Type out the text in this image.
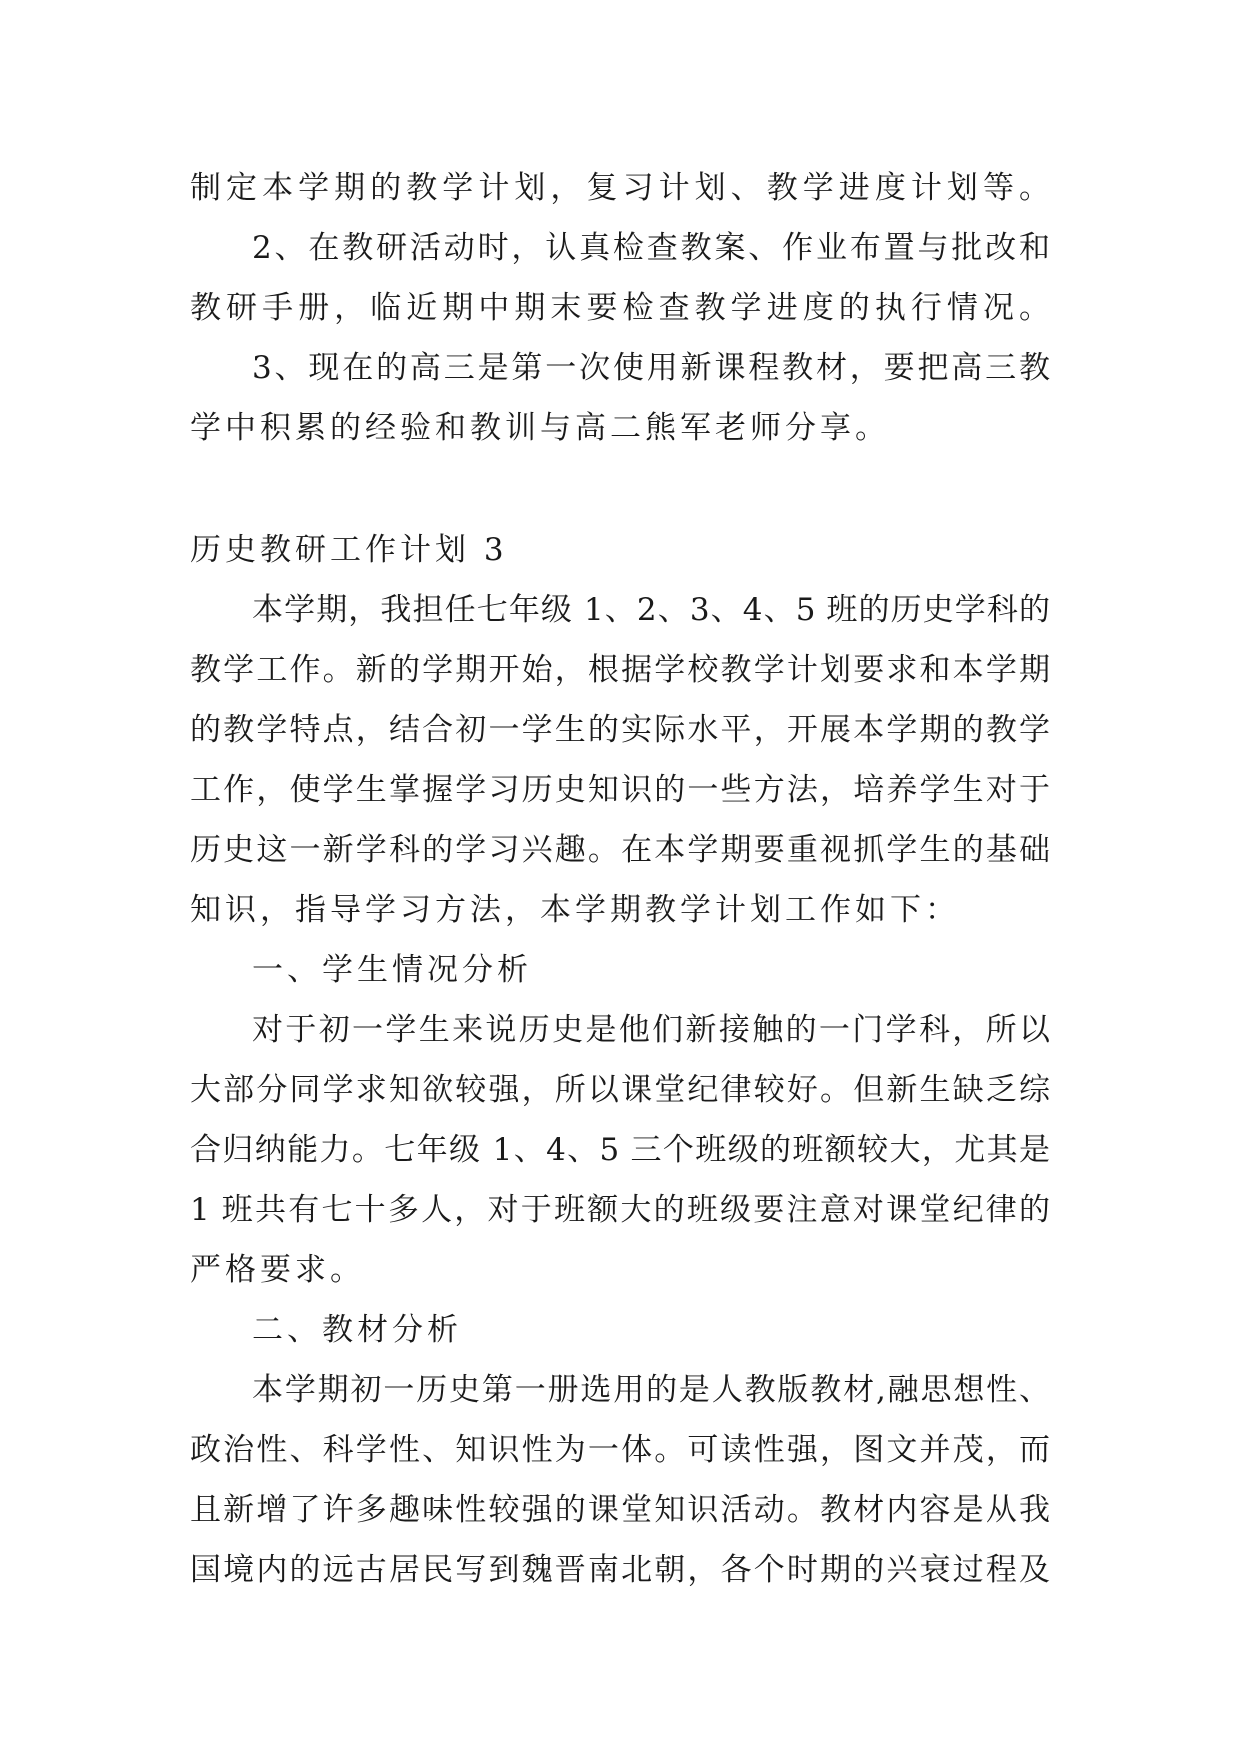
制定本学期的教学计划，复习计划、教学进度计划等。
2、在教研活动时，认真检查教案、作业布置与批改和
教研手册，临近期中期末要检查教学进度的执行情况。
3、现在的高三是第一次使用新课程教材，要把高三教
学中积累的经验和教训与高二熊军老师分享。
历史教研工作计划 3
本学期，我担任七年级 1、2、3、4、5 班的历史学科的
教学工作。新的学期开始，根据学校教学计划要求和本学期
的教学特点，结合初一学生的实际水平，开展本学期的教学
工作，使学生掌握学习历史知识的一些方法，培养学生对于
历史这一新学科的学习兴趣。在本学期要重视抓学生的基础
知识，指导学习方法，本学期教学计划工作如下：
一、学生情况分析
对于初一学生来说历史是他们新接触的一门学科，所以
大部分同学求知欲较强，所以课堂纪律较好。但新生缺乏综
合归纳能力。七年级 1、4、5 三个班级的班额较大，尤其是
1 班共有七十多人，对于班额大的班级要注意对课堂纪律的
严格要求。
二、教材分析
本学期初一历史第一册选用的是人教版教材,融思想性、
政治性、科学性、知识性为一体。可读性强，图文并茂，而
且新增了许多趣味性较强的课堂知识活动。教材内容是从我
国境内的远古居民写到魏晋南北朝，各个时期的兴衰过程及
